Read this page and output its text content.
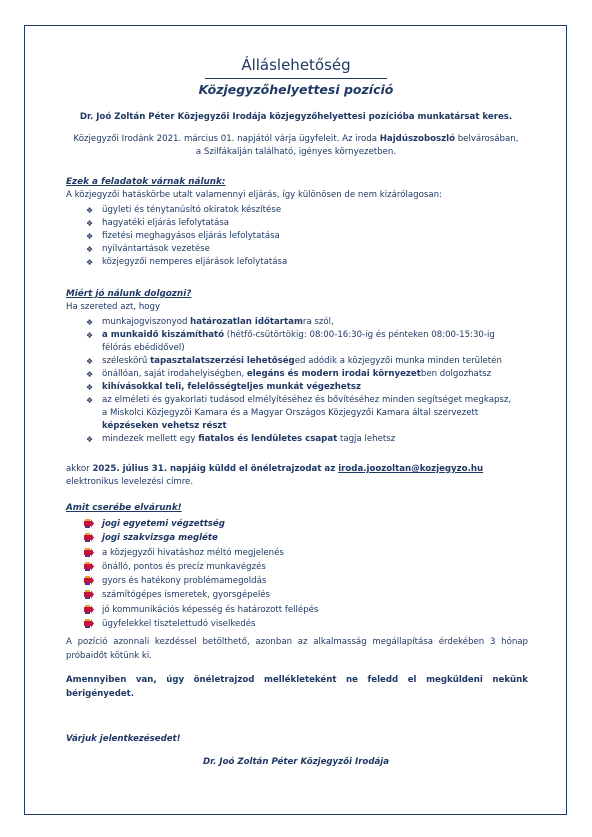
Álláslehetőség
Közjegyzőhelyettesi pozíció
Dr. Joó Zoltán Péter Közjegyzői Irodája közjegyzőhelyettesi pozícióba munkatársat keres.
Közjegyzői Irodánk 2021. március 01. napjától várja ügyfeleit. Az iroda Hajdúszoboszló belvárosában,
a Szilfákalján található, igényes környezetben.
Ezek a feladatok várnak nálunk:
A közjegyzői hatáskörbe utalt valamennyi eljárás, így különösen de nem kizárólagosan:
❖ ügyleti és ténytanúsító okiratok készítése
❖ hagyatéki eljárás lefolytatása
❖ fizetési meghagyásos eljárás lefolytatása
❖ nyilvántartások vezetése
❖ közjegyzői nemperes eljárások lefolytatása
Miért jó nálunk dolgozni?
Ha szereted azt, hogy
❖ munkajogviszonyod határozatlan időtartamra szól,
❖ a munkaidő kiszámítható (hétfő-csütörtökig: 08:00-16:30-ig és pénteken 08:00-15:30-ig
félórás ebédidővel)
❖ széleskörű tapasztalatszerzési lehetőséged adódik a közjegyzői munka minden területén
❖ önállóan, saját irodahelyiségben, elegáns és modern irodai környezetben dolgozhatsz
❖ kihívásokkal teli, felelősségteljes munkát végezhetsz
❖ az elméleti és gyakorlati tudásod elmélyítéséhez és bővítéséhez minden segítséget megkapsz,
a Miskolci Közjegyzői Kamara és a Magyar Országos Közjegyzői Kamara által szervezett
képzéseken vehetsz részt
❖ mindezek mellett egy fiatalos és lendületes csapat tagja lehetsz
akkor 2025. július 31. napjáig küldd el önéletrajzodat az iroda.joozoltan@kozjegyzo.hu
elektronikus levelezési címre.
Amit cserébe elvárunk!
jogi egyetemi végzettség
jogi szakvizsga megléte
a közjegyzői hivatáshoz méltó megjelenés
önálló, pontos és precíz munkavégzés
gyors és hatékony problémamegoldás
számítógépes ismeretek, gyorsgépelés
jó kommunikációs képesség és határozott fellépés
ügyfelekkel tisztelettudó viselkedés
A pozíció azonnali kezdéssel betölthető, azonban az alkalmasság megállapítása érdekében 3 hónap próbaidőt kötünk ki.
Amennyiben van, úgy önéletrajzod mellékleteként ne feledd el megküldeni nekünk bérigényedet.
Várjuk jelentkezésedet!
Dr. Joó Zoltán Péter Közjegyzői Irodája
